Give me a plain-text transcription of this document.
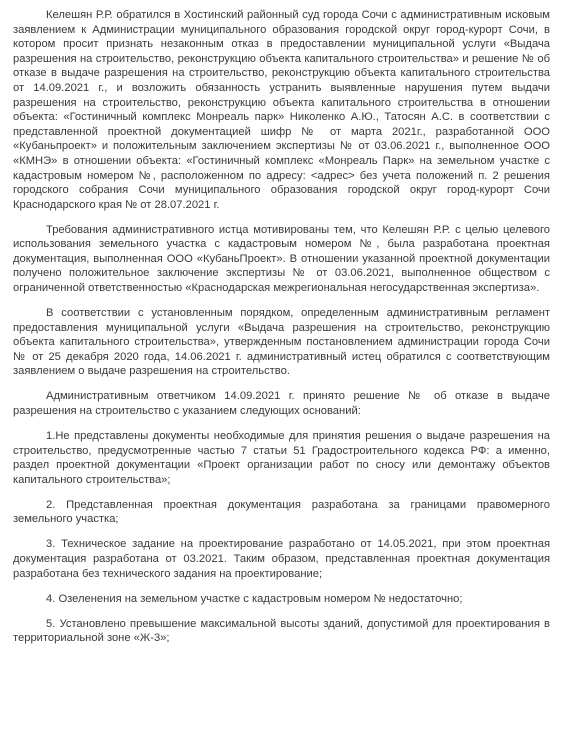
Келешян Р.Р. обратился в Хостинский районный суд города Сочи с административным исковым заявлением к Администрации муниципального образования городской округ город-курорт Сочи, в котором просит признать незаконным отказ в предоставлении муниципальной услуги «Выдача разрешения на строительство, реконструкцию объекта капитального строительства» и решение № об отказе в выдаче разрешения на строительство, реконструкцию объекта капитального строительства от 14.09.2021 г., и возложить обязанность устранить выявленные нарушения путем выдачи разрешения на строительство, реконструкцию объекта капитального строительства в отношении объекта: «Гостиничный комплекс Монреаль парк» Николенко А.Ю., Татосян А.С. в соответствии с представленной проектной документацией шифр № от марта 2021г., разработанной ООО «Кубаньпроект» и положительным заключением экспертизы № от 03.06.2021 г., выполненное ООО «КМНЭ» в отношении объекта: «Гостиничный комплекс «Монреаль Парк» на земельном участке с кадастровым номером №, расположенном по адресу: <адрес> без учета положений п. 2 решения городского собрания Сочи муниципального образования городской округ город-курорт Сочи Краснодарского края № от 28.07.2021 г.

Требования административного истца мотивированы тем, что Келешян Р.Р. с целью целевого использования земельного участка с кадастровым номером №, была разработана проектная документация, выполненная ООО «КубаньПроект». В отношении указанной проектной документации получено положительное заключение экспертизы № от 03.06.2021, выполненное обществом с ограниченной ответственностью «Краснодарская межрегиональная негосударственная экспертиза».

В соответствии с установленным порядком, определенным административным регламент предоставления муниципальной услуги «Выдача разрешения на строительство, реконструкцию объекта капитального строительства», утвержденным постановлением администрации города Сочи № от 25 декабря 2020 года, 14.06.2021 г. административный истец обратился с соответствующим заявлением о выдаче разрешения на строительство.

Административным ответчиком 14.09.2021 г. принято решение № об отказе в выдаче разрешения на строительство с указанием следующих оснований:

1.Не представлены документы необходимые для принятия решения о выдаче разрешения на строительство, предусмотренные частью 7 статьи 51 Градостроительного кодекса РФ: а именно, раздел проектной документации «Проект организации работ по сносу или демонтажу объектов капитального строительства»;

2. Представленная проектная документация разработана за границами правомерного земельного участка;

3. Техническое задание на проектирование разработано от 14.05.2021, при этом проектная документация разработана от 03.2021. Таким образом, представленная проектная документация разработана без технического задания на проектирование;

4. Озеленения на земельном участке с кадастровым номером № недостаточно;

5. Установлено превышение максимальной высоты зданий, допустимой для проектирования в территориальной зоне «Ж-3»;
